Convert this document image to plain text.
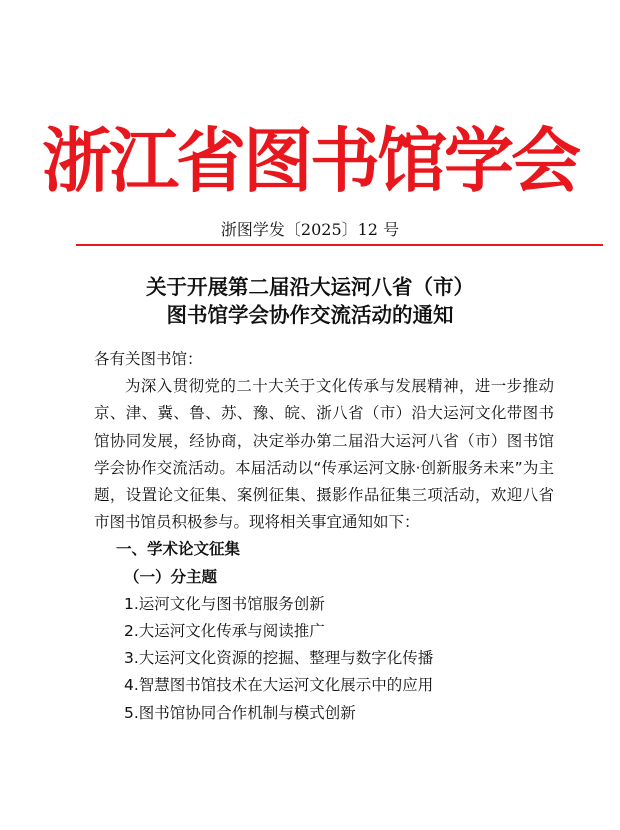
浙江省图书馆学会
浙图学发〔2025〕12 号
关于开展第二届沿大运河八省（市）
图书馆学会协作交流活动的通知

各有关图书馆：

为深入贯彻党的二十大关于文化传承与发展精神，进一步推动京、津、冀、鲁、苏、豫、皖、浙八省（市）沿大运河文化带图书馆协同发展，经协商，决定举办第二届沿大运河八省（市）图书馆学会协作交流活动。本届活动以“传承运河文脉·创新服务未来”为主题，设置论文征集、案例征集、摄影作品征集三项活动，欢迎八省市图书馆员积极参与。现将相关事宜通知如下：

一、学术论文征集

（一）分主题

1.运河文化与图书馆服务创新

2.大运河文化传承与阅读推广

3.大运河文化资源的挖掘、整理与数字化传播

4.智慧图书馆技术在大运河文化展示中的应用

5.图书馆协同合作机制与模式创新
